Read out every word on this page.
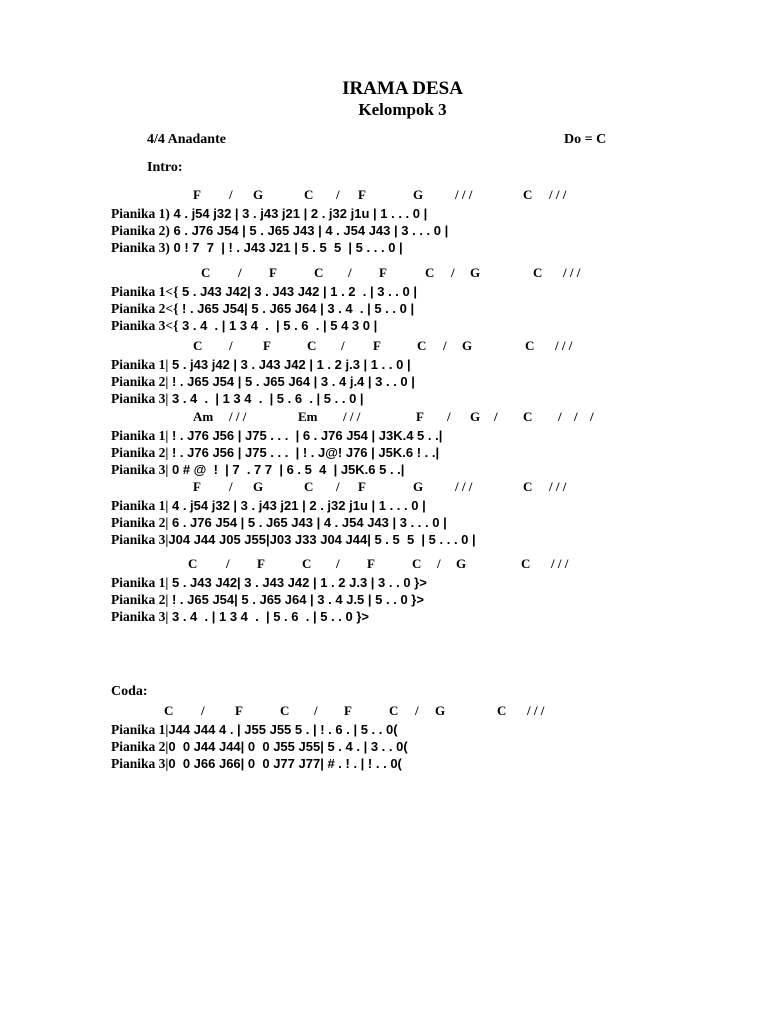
IRAMA DESA
Kelompok 3
4/4 Anadante	Do = C
Intro:
Coda:
F / G	C / F	G / / /	C / / /
Pianika 1) 4 . j54 j32 | 3 . j43 j21 | 2 . j32 j1u | 1 . . . 0 |
Pianika 2) 6 . J76 J54 | 5 . J65 J43 | 4 . J54 J43 | 3 . . . 0 |
Pianika 3) 0 ! 7  7  | ! . J43 J21 | 5 . 5  5  | 5 . . . 0 |
C / F	C / F	C / G	C / / /
Pianika 1<{ 5 . J43 J42| 3 . J43 J42 | 1 . 2  . | 3 . . 0 |
Pianika 2<{ ! . J65 J54| 5 . J65 J64 | 3 . 4  . | 5 . . 0 |
Pianika 3<{ 3 . 4  . | 1 3 4  .  | 5 . 6  . | 5 4 3 0 |
C / F	C / F	C / G	C / / /
Pianika 1| 5 . j43 j42 | 3 . J43 J42 | 1 . 2 j.3 | 1 . . 0 |
Pianika 2| ! . J65 J54 | 5 . J65 J64 | 3 . 4 j.4 | 3 . . 0 |
Pianika 3| 3 . 4  .  | 1 3 4  .  | 5 . 6  . | 5 . . 0 |
Am / / /	Em / / /	F / G / C / / /
Pianika 1| ! . J76 J56 | J75 . . .  | 6 . J76 J54 | J3K.4 5 . .|
Pianika 2| ! . J76 J56 | J75 . . .  | ! . J@! J76 | J5K.6 ! . .|
Pianika 3| 0 # @  !  | 7  . 7 7  | 6 . 5  4  | J5K.6 5 . .|
F / G	C / F	G / / /	C / / /
Pianika 1| 4 . j54 j32 | 3 . j43 j21 | 2 . j32 j1u | 1 . . . 0 |
Pianika 2| 6 . J76 J54 | 5 . J65 J43 | 4 . J54 J43 | 3 . . . 0 |
Pianika 3|J04 J44 J05 J55|J03 J33 J04 J44| 5 . 5  5  | 5 . . . 0 |
C / F	C / F	C / G	C / / /
Pianika 1| 5 . J43 J42| 3 . J43 J42 | 1 . 2 J.3 | 3 . . 0 }>
Pianika 2| ! . J65 J54| 5 . J65 J64 | 3 . 4 J.5 | 5 . . 0 }>
Pianika 3| 3 . 4  . | 1 3 4  .  | 5 . 6  . | 5 . . 0 }>
C / F	C / F	C / G	C / / /
Pianika 1|J44 J44 4 . | J55 J55 5 . | ! . 6 . | 5 . . 0(
Pianika 2|0  0 J44 J44| 0  0 J55 J55| 5 . 4 . | 3 . . 0(
Pianika 3|0  0 J66 J66| 0  0 J77 J77| # . ! . | ! . . 0(
